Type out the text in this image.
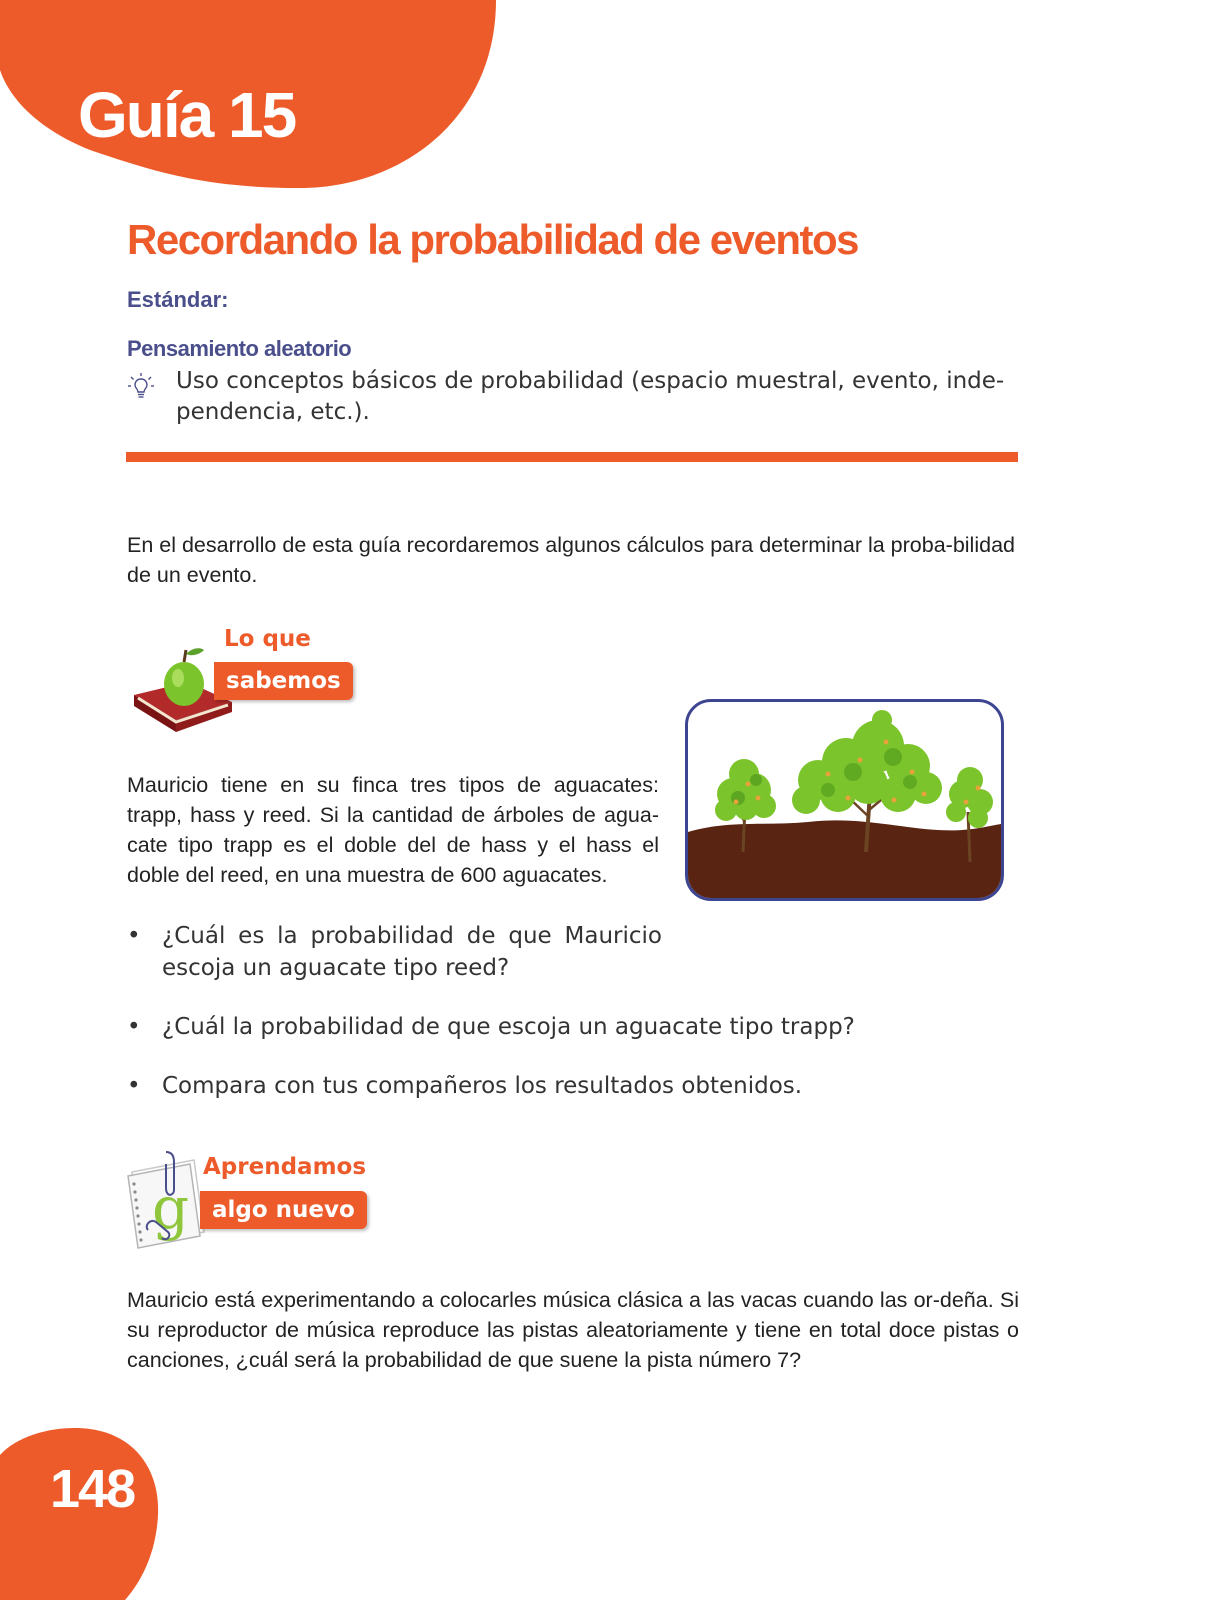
Guía 15
Recordando la probabilidad de eventos
Estándar:
Pensamiento aleatorio
Uso conceptos básicos de probabilidad (espacio muestral, evento, inde-pendencia, etc.).
En el desarrollo de esta guía recordaremos algunos cálculos para determinar la proba-bilidad de un evento.
Lo que
sabemos
Mauricio tiene en su finca tres tipos de aguacates: trapp, hass y reed. Si la cantidad de árboles de agua-cate tipo trapp es el doble del de hass y el hass el doble del reed, en una muestra de 600 aguacates.
• ¿Cuál es la probabilidad de que Mauricio escoja un aguacate tipo reed?
• ¿Cuál la probabilidad de que escoja un aguacate tipo trapp?
• Compara con tus compañeros los resultados obtenidos.
g
Aprendamos
algo nuevo
Mauricio está experimentando a colocarles música clásica a las vacas cuando las or-deña. Si su reproductor de música reproduce las pistas aleatoriamente y tiene en total doce pistas o canciones, ¿cuál será la probabilidad de que suene la pista número 7?
148
